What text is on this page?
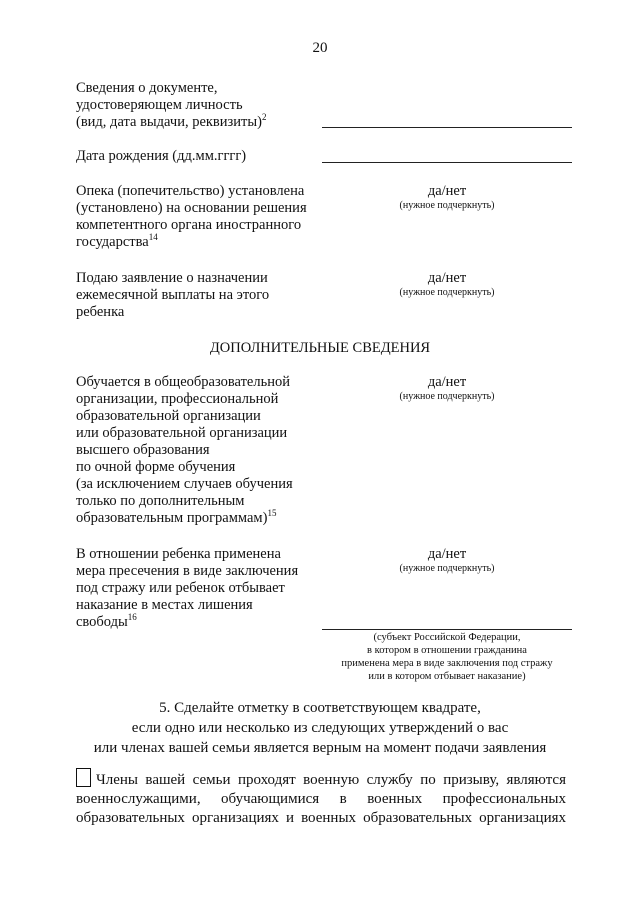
20
Сведения о документе,
удостоверяющем личность
(вид, дата выдачи, реквизиты)$^2$
Дата рождения (дд.мм.гггг)
Опека (попечительство) установлена
(установлено) на основании решения
компетентного органа иностранного
государства$^{14}$
да/нет
(нужное подчеркнуть)
Подаю заявление о назначении
ежемесячной выплаты на этого
ребенка
да/нет
(нужное подчеркнуть)
ДОПОЛНИТЕЛЬНЫЕ СВЕДЕНИЯ
Обучается в общеобразовательной
организации, профессиональной
образовательной организации
или образовательной организации
высшего образования
по очной форме обучения
(за исключением случаев обучения
только по дополнительным
образовательным программам)$^{15}$
да/нет
(нужное подчеркнуть)
В отношении ребенка применена
мера пресечения в виде заключения
под стражу или ребенок отбывает
наказание в местах лишения
свободы$^{16}$
да/нет
(нужное подчеркнуть)
(субъект Российской Федерации,
в котором в отношении гражданина
применена мера в виде заключения под стражу
или в котором отбывает наказание)
5. Сделайте отметку в соответствующем квадрате,
если одно или несколько из следующих утверждений о вас
или членах вашей семьи является верным на момент подачи заявления
Члены вашей семьи проходят военную службу по призыву, являются
военнослужащими, обучающимися в военных профессиональных
образовательных организациях и военных образовательных организациях
